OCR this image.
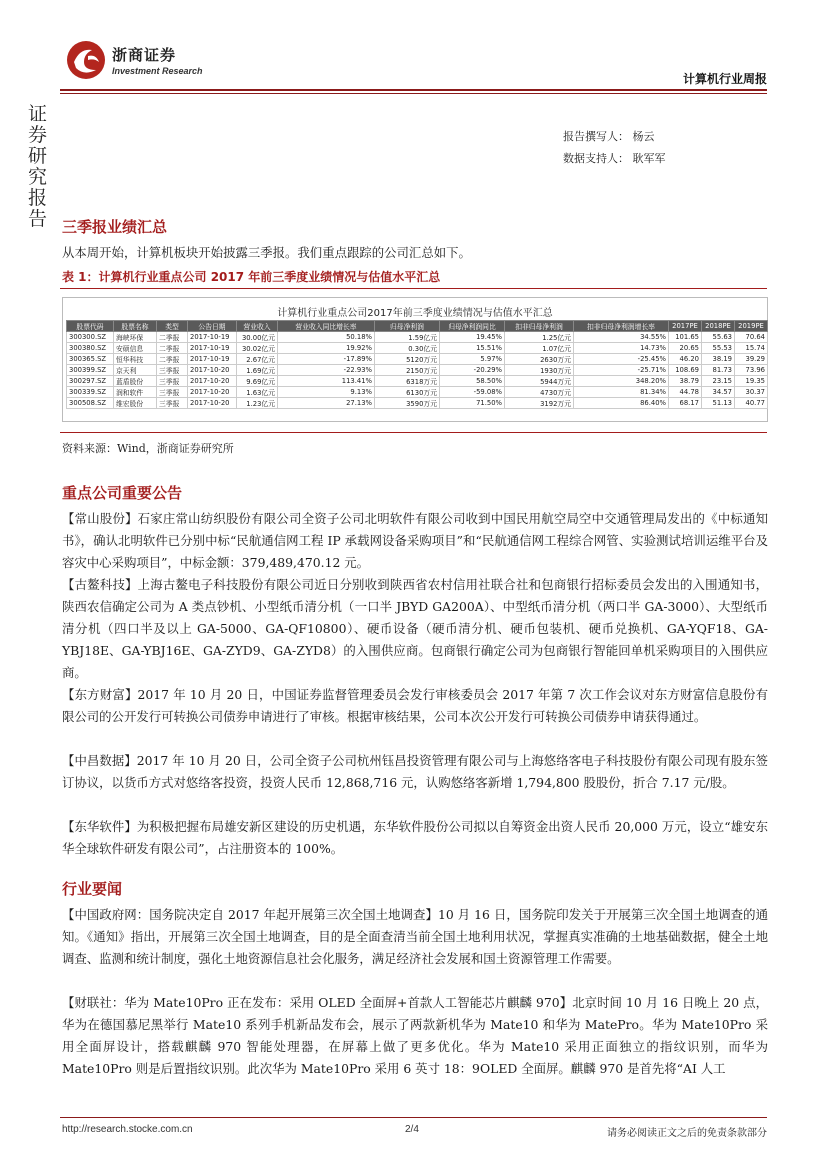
浙商证券
Investment Research
计算机行业周报
证
券
研
究
报
告
报告撰写人： 杨云
数据支持人： 耿军军
三季报业绩汇总
从本周开始，计算机板块开始披露三季报。我们重点跟踪的公司汇总如下。
表 1：计算机行业重点公司 2017 年前三季度业绩情况与估值水平汇总
计算机行业重点公司2017年前三季度业绩情况与估值水平汇总
股票代码	股票名称	类型	公告日期	营业收入	营业收入同比增长率	归母净利润	归母净利润同比	扣非归母净利润	扣非归母净利润增长率	2017PE	2018PE	2019PE
300300.SZ	海峡环保	二季报	2017-10-19	30.00亿元	50.18%	1.59亿元	19.45%	1.25亿元	34.55%	101.65	55.63	70.64
300380.SZ	安硕信息	二季报	2017-10-19	30.02亿元	19.92%	0.30亿元	15.51%	1.07亿元	14.73%	20.65	55.53	15.74
300365.SZ	恒华科技	二季报	2017-10-19	2.67亿元	-17.89%	5120万元	5.97%	2630万元	-25.45%	46.20	38.19	39.29
300399.SZ	京天利	三季报	2017-10-20	1.69亿元	-22.93%	2150万元	-20.29%	1930万元	-25.71%	108.69	81.73	73.96
300297.SZ	蓝盾股份	三季报	2017-10-20	9.69亿元	113.41%	6318万元	58.50%	5944万元	348.20%	38.79	23.15	19.35
300339.SZ	润和软件	三季报	2017-10-20	1.63亿元	9.13%	6130万元	-59.08%	4730万元	81.34%	44.78	34.57	30.37
300508.SZ	维宏股份	三季报	2017-10-20	1.23亿元	27.13%	3590万元	71.50%	3192万元	86.40%	68.17	51.13	40.77
资料来源：Wind，浙商证券研究所
重点公司重要公告
【常山股份】石家庄常山纺织股份有限公司全资子公司北明软件有限公司收到中国民用航空局空中交通管理局发出的《中标通知书》，确认北明软件已分别中标“民航通信网工程 IP 承载网设备采购项目”和“民航通信网工程综合网管、实验测试培训运维平台及容灾中心采购项目”，中标金额：379,489,470.12 元。
【古鳌科技】上海古鳌电子科技股份有限公司近日分别收到陕西省农村信用社联合社和包商银行招标委员会发出的入围通知书，陕西农信确定公司为 A 类点钞机、小型纸币清分机（一口半 JBYD GA200A）、中型纸币清分机（两口半 GA-3000）、大型纸币清分机（四口半及以上 GA-5000、GA-QF10800）、硬币设备（硬币清分机、硬币包装机、硬币兑换机、GA-YQF18、GA-YBJ18E、GA-YBJ16E、GA-ZYD9、GA-ZYD8）的入围供应商。包商银行确定公司为包商银行智能回单机采购项目的入围供应商。
【东方财富】2017 年 10 月 20 日，中国证券监督管理委员会发行审核委员会 2017 年第 7 次工作会议对东方财富信息股份有限公司的公开发行可转换公司债券申请进行了审核。根据审核结果，公司本次公开发行可转换公司债券申请获得通过。
【中昌数据】2017 年 10 月 20 日，公司全资子公司杭州钰昌投资管理有限公司与上海悠络客电子科技股份有限公司现有股东签订协议，以货币方式对悠络客投资，投资人民币 12,868,716 元，认购悠络客新增 1,794,800 股股份，折合 7.17 元/股。
【东华软件】为积极把握布局雄安新区建设的历史机遇，东华软件股份公司拟以自筹资金出资人民币 20,000 万元，设立“雄安东华全球软件研发有限公司”，占注册资本的 100%。
行业要闻
【中国政府网：国务院决定自 2017 年起开展第三次全国土地调查】10 月 16 日，国务院印发关于开展第三次全国土地调查的通知。《通知》指出，开展第三次全国土地调查，目的是全面查清当前全国土地利用状况，掌握真实准确的土地基础数据，健全土地调查、监测和统计制度，强化土地资源信息社会化服务，满足经济社会发展和国土资源管理工作需要。
【财联社：华为 Mate10Pro 正在发布：采用 OLED 全面屏+首款人工智能芯片麒麟 970】北京时间 10 月 16 日晚上 20 点，华为在德国慕尼黑举行 Mate10 系列手机新品发布会，展示了两款新机华为 Mate10 和华为 MatePro。华为 Mate10Pro 采用全面屏设计，搭载麒麟 970 智能处理器，在屏幕上做了更多优化。华为 Mate10 采用正面独立的指纹识别，而华为 Mate10Pro 则是后置指纹识别。此次华为 Mate10Pro 采用 6 英寸 18：9OLED 全面屏。麒麟 970 是首先将“AI 人工
http://research.stocke.com.cn	2/4	请务必阅读正文之后的免责条款部分
